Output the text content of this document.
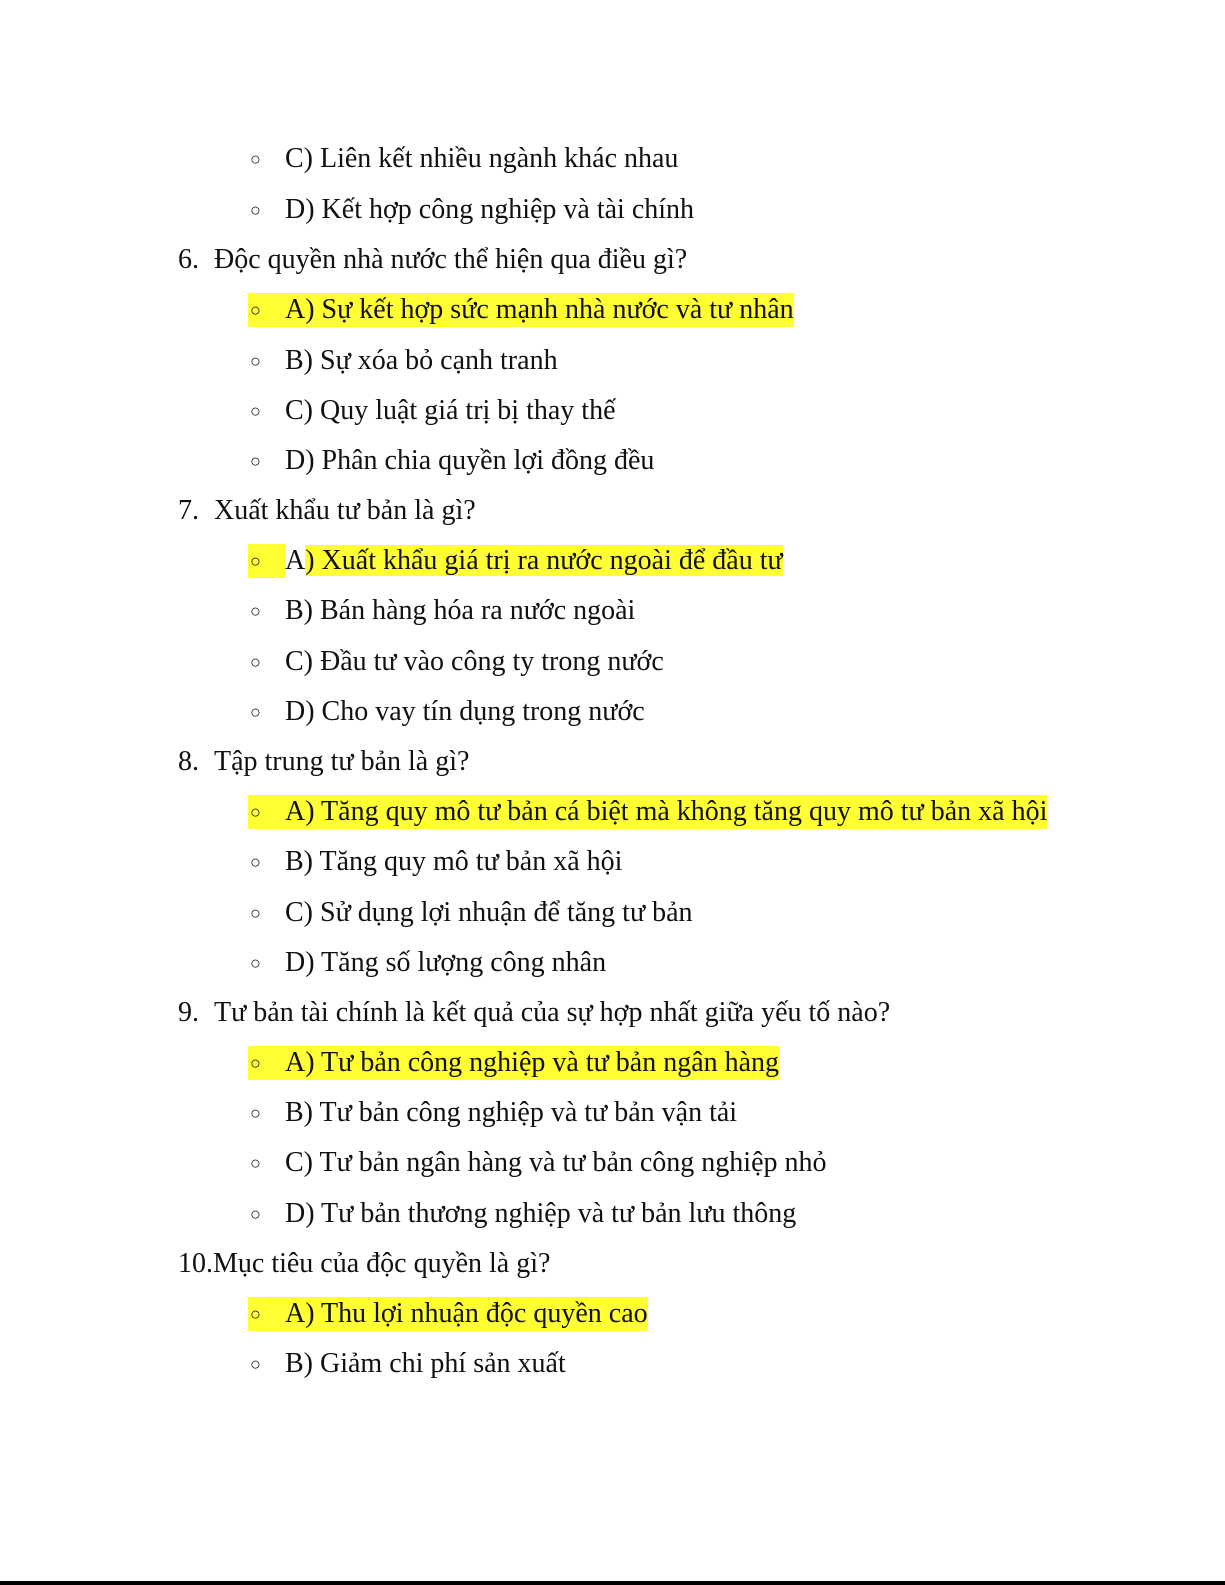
○ C) Liên kết nhiều ngành khác nhau
○ D) Kết hợp công nghiệp và tài chính
6. Độc quyền nhà nước thể hiện qua điều gì?
○ A) Sự kết hợp sức mạnh nhà nước và tư nhân
○ B) Sự xóa bỏ cạnh tranh
○ C) Quy luật giá trị bị thay thế
○ D) Phân chia quyền lợi đồng đều
7. Xuất khẩu tư bản là gì?
○ A) Xuất khẩu giá trị ra nước ngoài để đầu tư
○ B) Bán hàng hóa ra nước ngoài
○ C) Đầu tư vào công ty trong nước
○ D) Cho vay tín dụng trong nước
8. Tập trung tư bản là gì?
○ A) Tăng quy mô tư bản cá biệt mà không tăng quy mô tư bản xã hội
○ B) Tăng quy mô tư bản xã hội
○ C) Sử dụng lợi nhuận để tăng tư bản
○ D) Tăng số lượng công nhân
9. Tư bản tài chính là kết quả của sự hợp nhất giữa yếu tố nào?
○ A) Tư bản công nghiệp và tư bản ngân hàng
○ B) Tư bản công nghiệp và tư bản vận tải
○ C) Tư bản ngân hàng và tư bản công nghiệp nhỏ
○ D) Tư bản thương nghiệp và tư bản lưu thông
10.Mục tiêu của độc quyền là gì?
○ A) Thu lợi nhuận độc quyền cao
○ B) Giảm chi phí sản xuất
